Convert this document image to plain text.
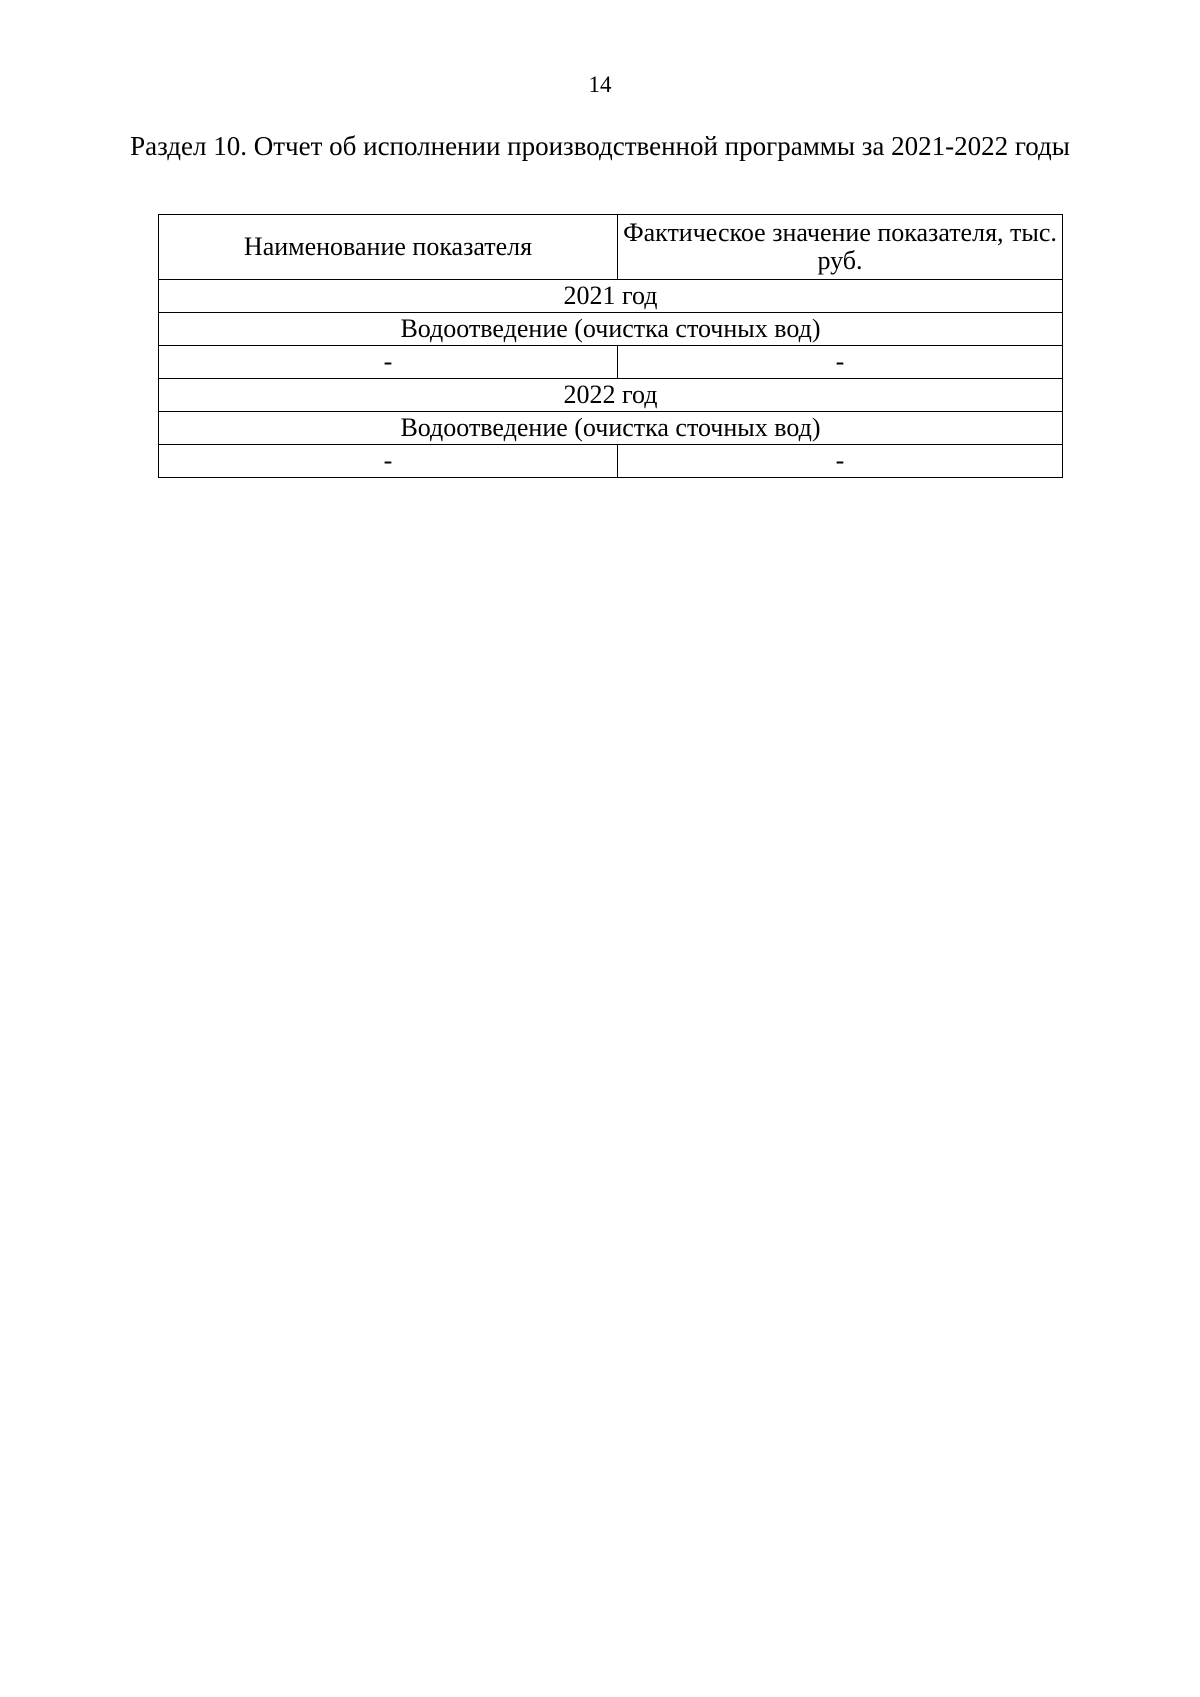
14
Раздел 10. Отчет об исполнении производственной программы за 2021-2022 годы
Наименование показателя	Фактическое значение показателя, тыс. руб.
2021 год	
Водоотведение (очистка сточных вод)	
-	-
2022 год	
Водоотведение (очистка сточных вод)	
-	-
